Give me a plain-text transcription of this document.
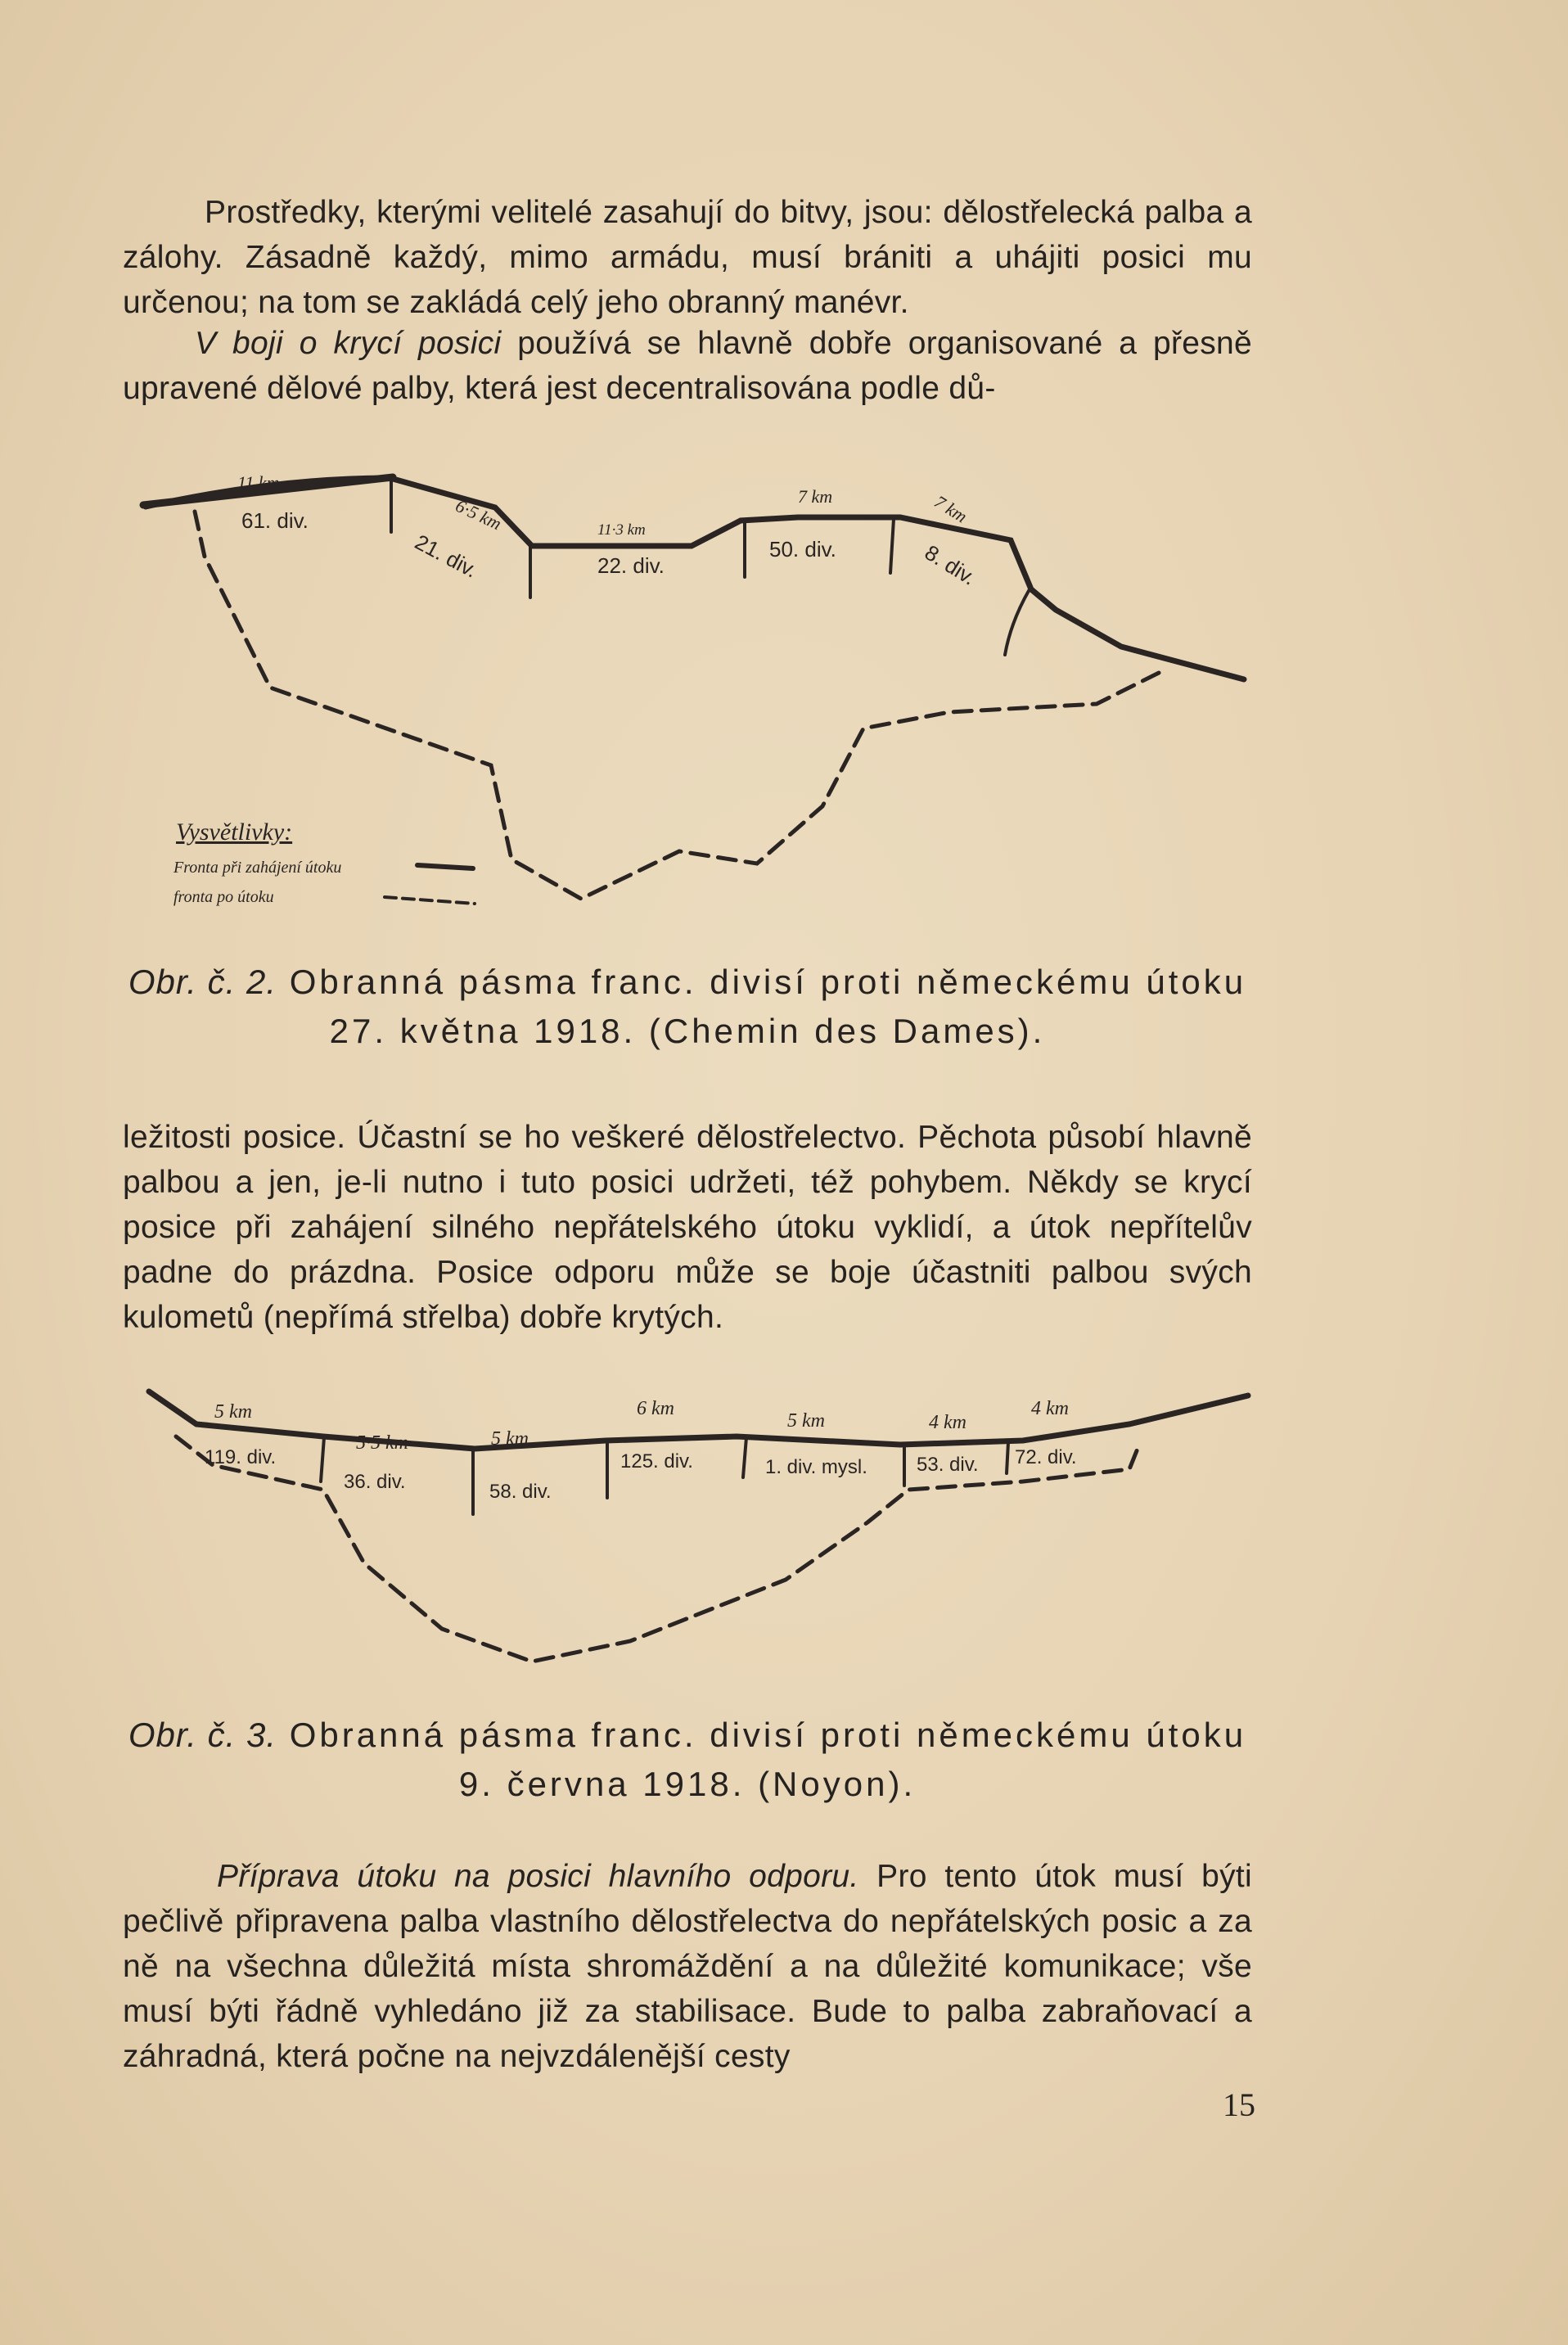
Prostředky, kterými velitelé zasahují do bitvy, jsou: dělostřelecká palba a zálohy. Zásadně každý, mimo armádu, musí brániti a uhájiti posici mu určenou; na tom se zakládá celý jeho obranný manévr.

V boji o krycí posici používá se hlavně dobře organisované a přesně upravené dělové palby, která jest decentralisována podle dů-

11 km
6·5 km	11·3 km
7 km	7 km
61. div.
21. div.	22. div.
50. div.	8. div.
Vysvětlivky:
Fronta při zahájení útoku
fronta po útoku

Obr. č. 2. Obranná pásma franc. divisí proti německému útoku 27. května 1918. (Chemin des Dames).

ležitosti posice. Účastní se ho veškeré dělostřelectvo. Pěchota působí hlavně palbou a jen, je-li nutno i tuto posici udržeti, též pohybem. Někdy se krycí posice při zahájení silného nepřátelského útoku vyklidí, a útok nepřítelův padne do prázdna. Posice odporu může se boje účastniti palbou svých kulometů (nepřímá střelba) dobře krytých.

5 km
5·5 km	5 km
6 km
5 km	4 km
4 km
119. div.
36. div.	58. div.
125. div.	1. div. mysl.	53. div. 72. div.

Obr. č. 3. Obranná pásma franc. divisí proti německému útoku 9. června 1918. (Noyon).

Příprava útoku na posici hlavního odporu. Pro tento útok musí býti pečlivě připravena palba vlastního dělostřelectva do nepřátelských posic a za ně na všechna důležitá místa shromáždění a na důležité komunikace; vše musí býti řádně vyhledáno již za stabilisace. Bude to palba zabraňovací a záhradná, která počne na nejvzdálenější cesty

15
